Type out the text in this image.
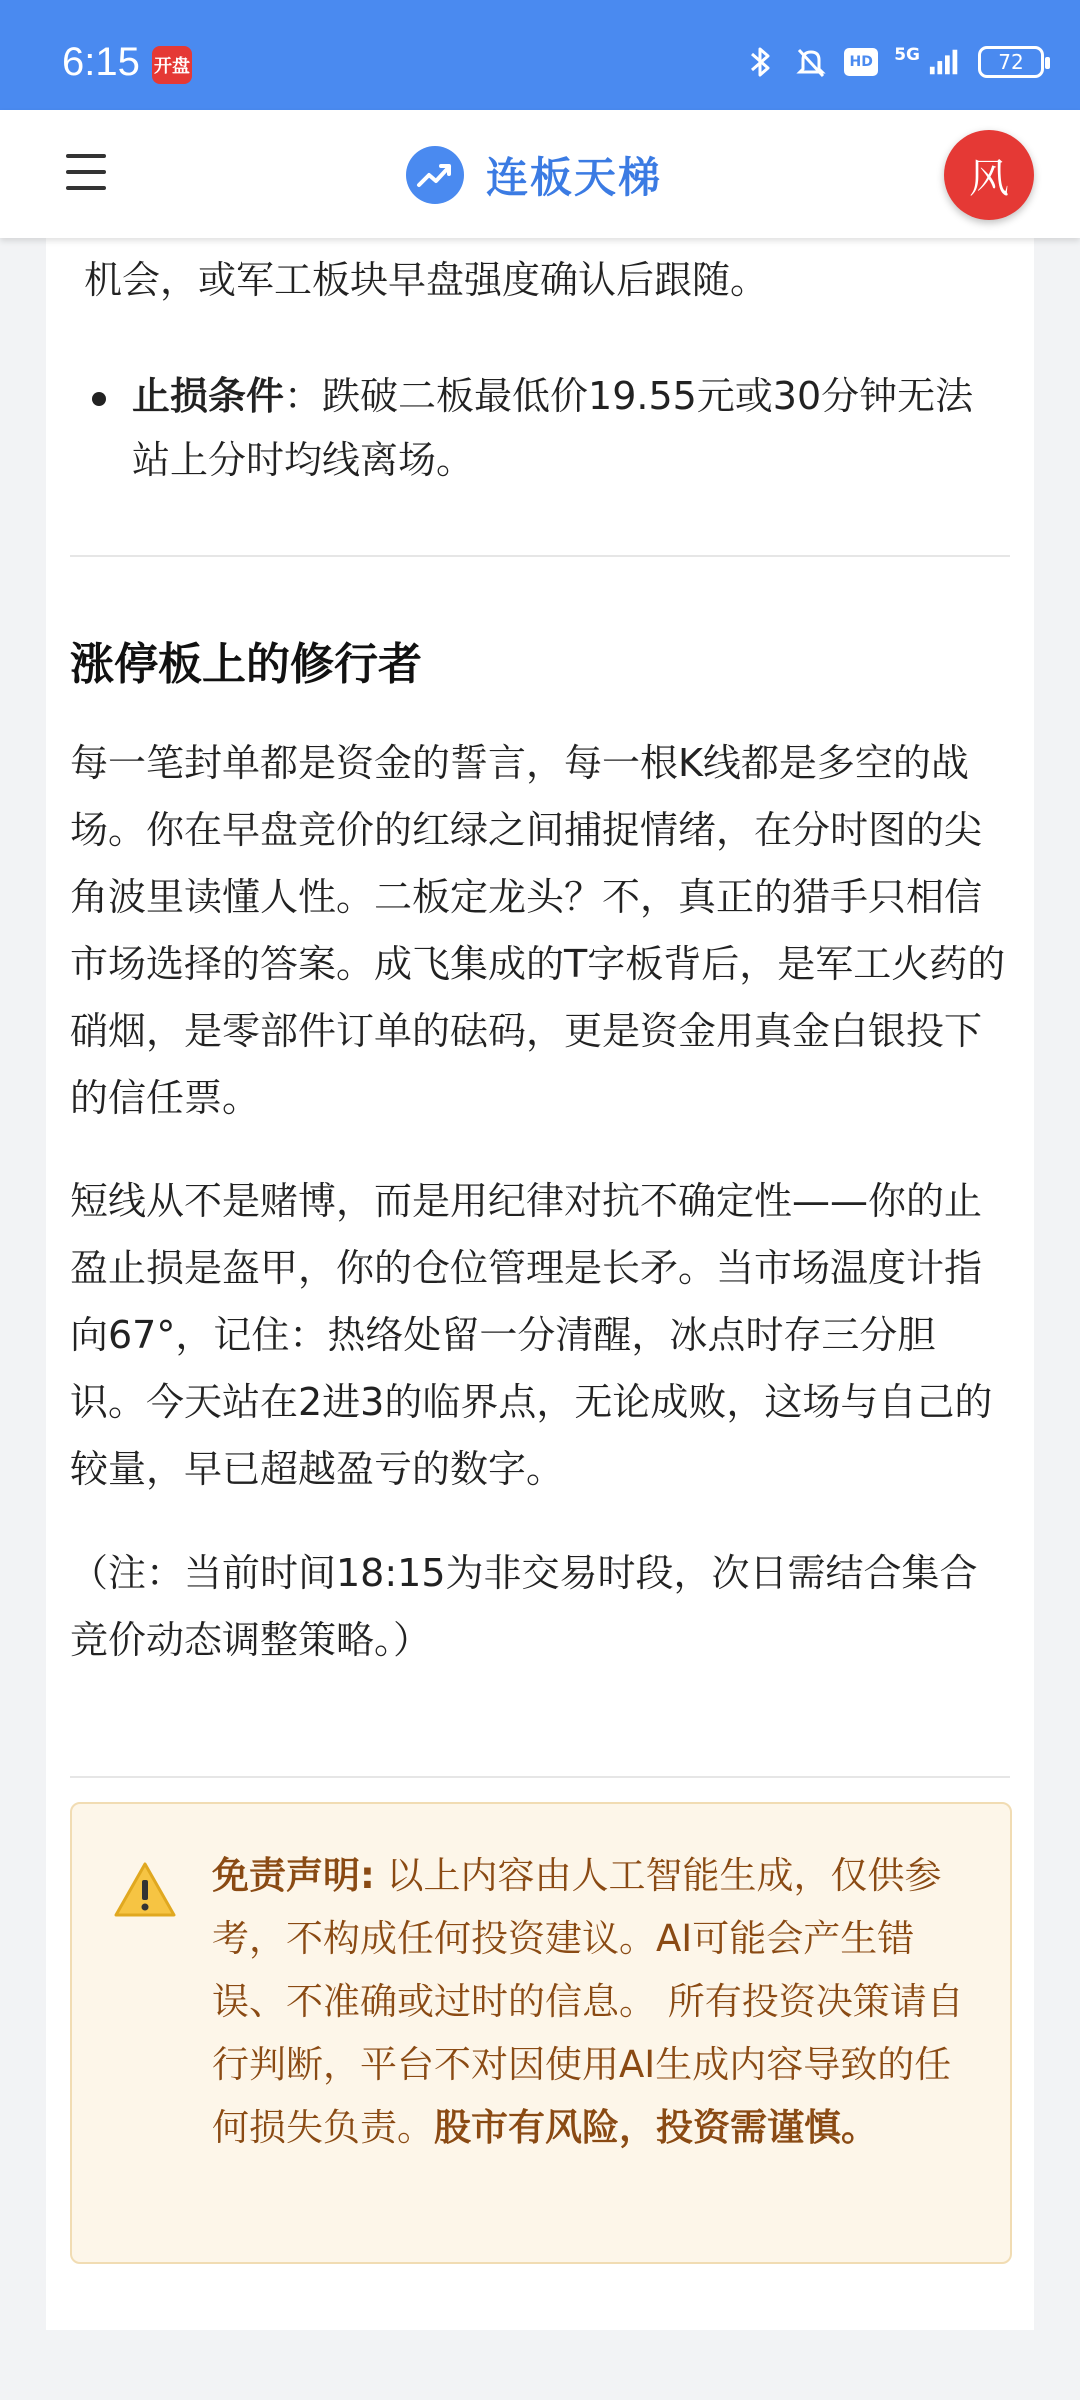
6:15 开盘	HD	5G	72
连板天梯	风
机会，或军工板块早盘强度确认后跟随。
止损条件：跌破二板最低价19.55元或30分钟无法站上分时均线离场。
涨停板上的修行者
每一笔封单都是资金的誓言，每一根K线都是多空的战场。你在早盘竞价的红绿之间捕捉情绪，在分时图的尖角波里读懂人性。二板定龙头？不，真正的猎手只相信市场选择的答案。成飞集成的T字板背后，是军工火药的硝烟，是零部件订单的砝码，更是资金用真金白银投下的信任票。
短线从不是赌博，而是用纪律对抗不确定性——你的止盈止损是盔甲，你的仓位管理是长矛。当市场温度计指向67°，记住：热络处留一分清醒，冰点时存三分胆识。今天站在2进3的临界点，无论成败，这场与自己的较量，早已超越盈亏的数字。
（注：当前时间18:15为非交易时段，次日需结合集合竞价动态调整策略。）
免责声明: 以上内容由人工智能生成，仅供参考，不构成任何投资建议。AI可能会产生错误、不准确或过时的信息。 所有投资决策请自行判断，平台不对因使用AI生成内容导致的任何损失负责。股市有风险，投资需谨慎。
